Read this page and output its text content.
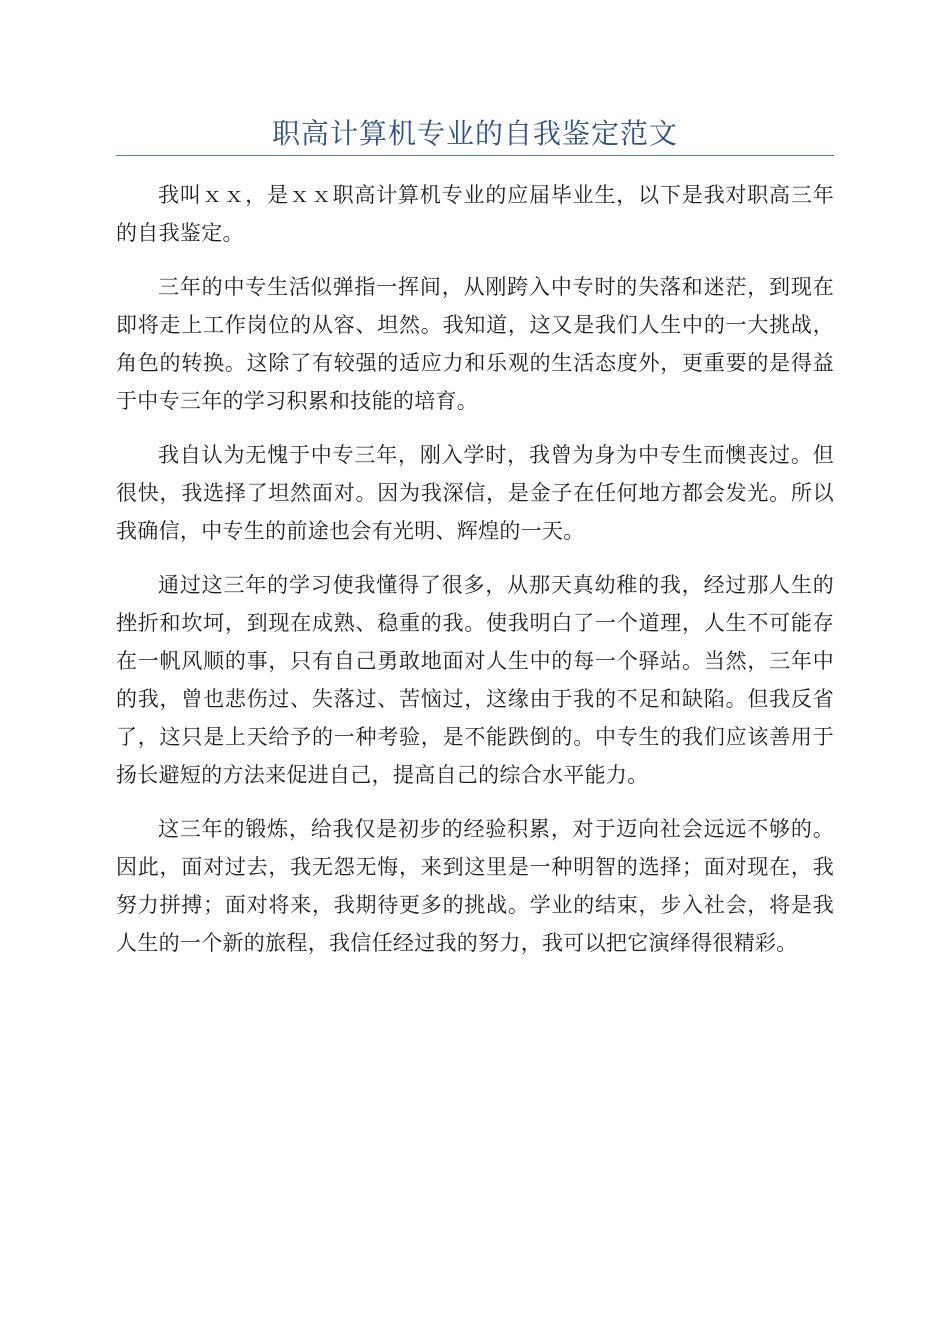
职高计算机专业的自我鉴定范文

我叫ｘｘ，是ｘｘ职高计算机专业的应届毕业生，以下是我对职高三年的自我鉴定。

三年的中专生活似弹指一挥间，从刚跨入中专时的失落和迷茫，到现在即将走上工作岗位的从容、坦然。我知道，这又是我们人生中的一大挑战，角色的转换。这除了有较强的适应力和乐观的生活态度外，更重要的是得益于中专三年的学习积累和技能的培育。

我自认为无愧于中专三年，刚入学时，我曾为身为中专生而懊丧过。但很快，我选择了坦然面对。因为我深信，是金子在任何地方都会发光。所以我确信，中专生的前途也会有光明、辉煌的一天。

通过这三年的学习使我懂得了很多，从那天真幼稚的我，经过那人生的挫折和坎坷，到现在成熟、稳重的我。使我明白了一个道理，人生不可能存在一帆风顺的事，只有自己勇敢地面对人生中的每一个驿站。当然，三年中的我，曾也悲伤过、失落过、苦恼过，这缘由于我的不足和缺陷。但我反省了，这只是上天给予的一种考验，是不能跌倒的。中专生的我们应该善用于扬长避短的方法来促进自己，提高自己的综合水平能力。

这三年的锻炼，给我仅是初步的经验积累，对于迈向社会远远不够的。因此，面对过去，我无怨无悔，来到这里是一种明智的选择；面对现在，我努力拼搏；面对将来，我期待更多的挑战。学业的结束，步入社会，将是我人生的一个新的旅程，我信任经过我的努力，我可以把它演绎得很精彩。
